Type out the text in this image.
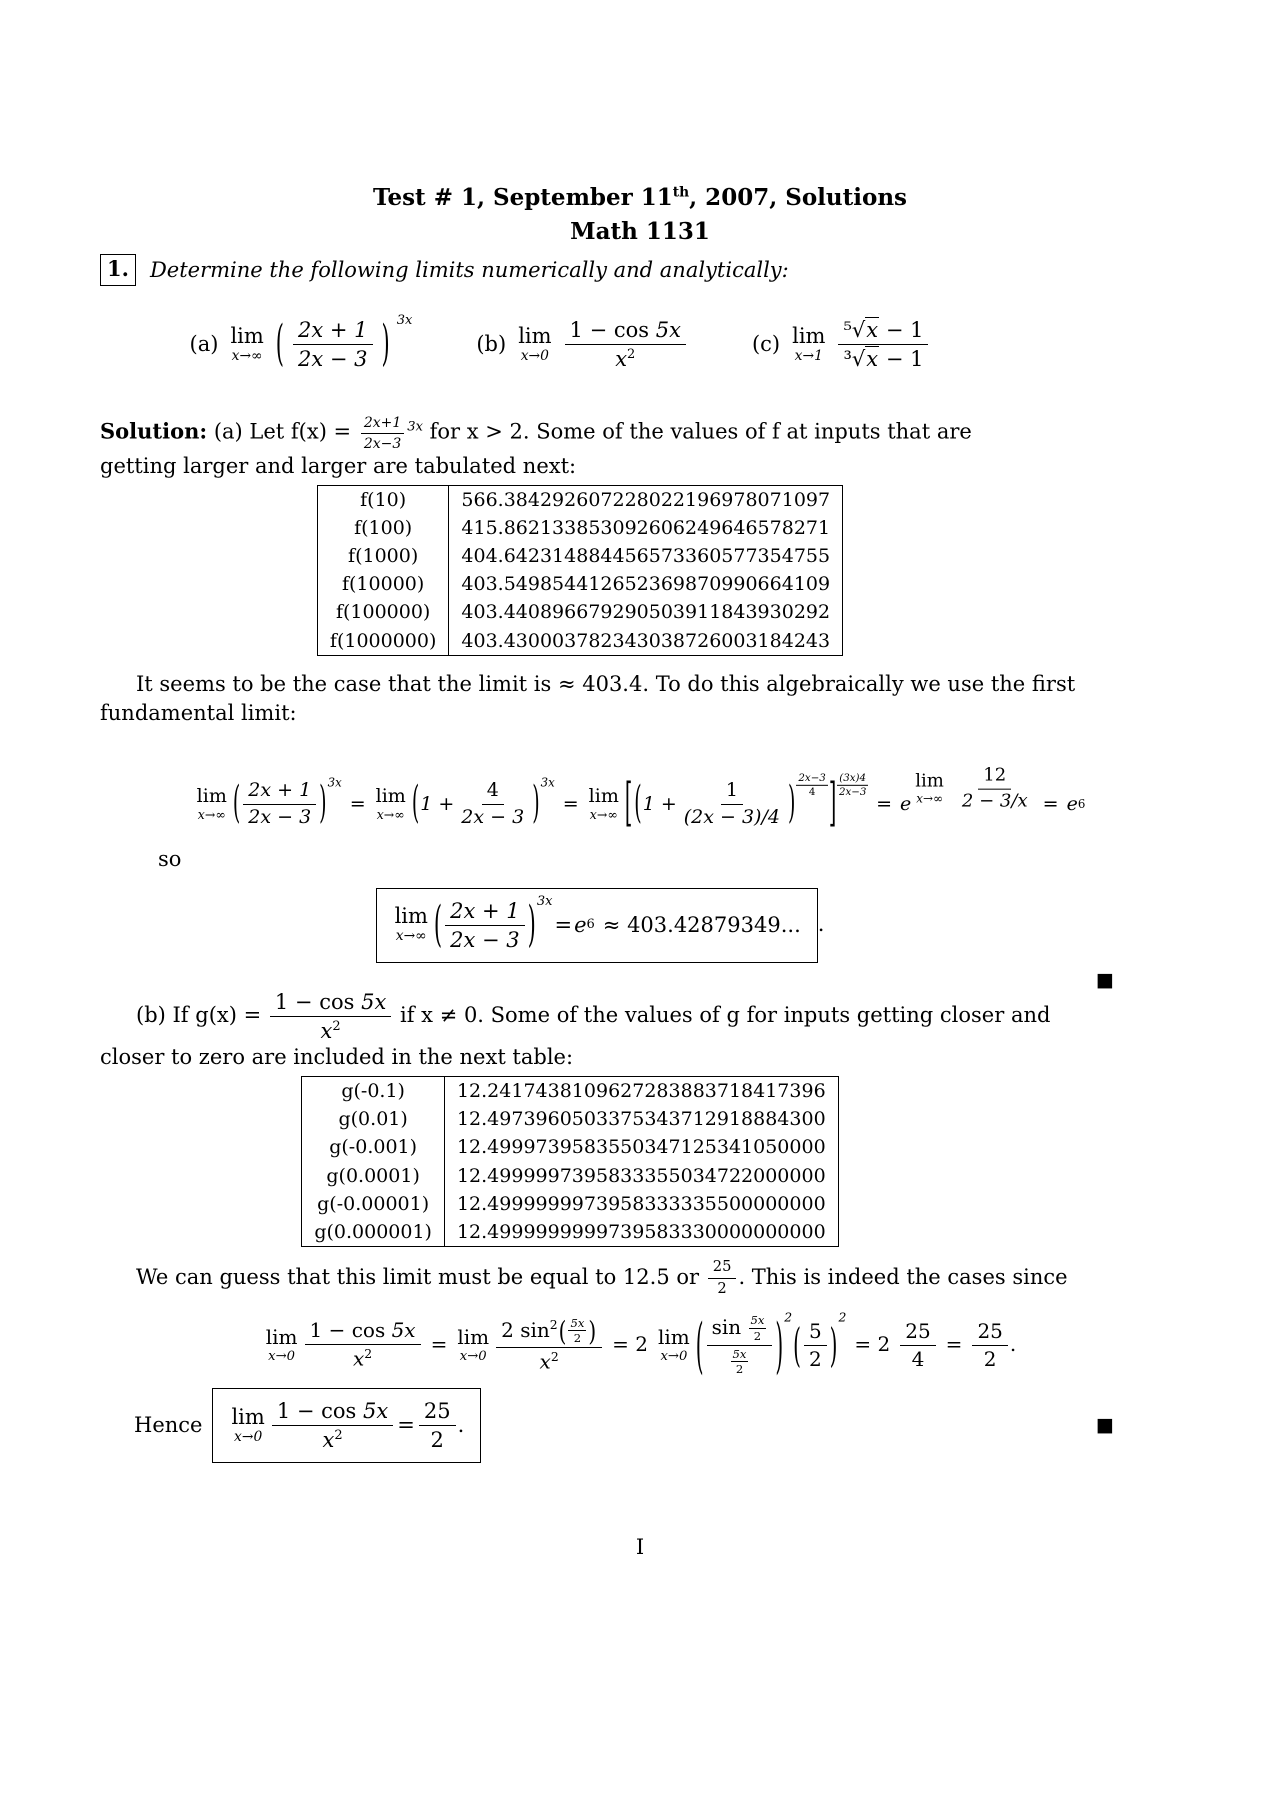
Test # 1, September 11th, 2007, Solutions
Math 1131
1.	Determine the following limits numerically and analytically:
(a) lim
x→∞ ( $\frac{2x + 1}{2x - 3}$ ) 3x
(b) lim
$x\to 0 \frac{1 - \cos 5x}{x^2}$	(c) lim
$x\to 1 \frac{\text{⁵√x − 1}}{\text{³√x − 1}}$
Solution: (a) Let $f(x) = \frac{2x+1}{2x-3} ^{3x}$ for x > 2. Some of the values of f at inputs that are
getting larger and larger are tabulated next:
f(10)	566.384292607228022196978071097
f(100)	415.862133853092606249646578271
f(1000)	404.642314884456573360577354755
f(10000)	403.549854412652369870990664109
f(100000)	403.440896679290503911843930292
f(1000000)	403.430003782343038726003184243
It seems to be the case that the limit is ≈ 403.4. To do this algebraically we use the first
fundamental limit:
lim
x→∞ ( $\frac{2x + 1}{2x - 3}$ ) 3x
= lim
x→∞ ( $1 + \frac{4}{2x - 3}$ ) 3x
= lim
x→∞ [ ( $1 + \frac{1}{(2x - 3)/4}$ )
2x−3
4 ] (3x)4
2x−3
= e
lim
$x\to\infty \frac{12}{2 - 3/x} = e$ 6
so
lim
x→∞ ( $\frac{2x + 1}{2x - 3}$ ) 3x
= e 6 ≈ 403.42879349... .
■
(b) If $g(x) = \frac{1 - \cos 5x}{x^2}$ if x ≠ 0. Some of the values of g for inputs getting closer and
closer to zero are included in the next table:
g(-0.1)	12.2417438109627283883718417396
g(0.01)	12.4973960503375343712918884300
g(-0.001)	12.4999739583550347125341050000
g(0.0001)	12.4999997395833355034722000000
g(-0.00001)	12.4999999973958333335500000000
g(0.000001)	12.4999999999739583330000000000
We can guess that this limit must be equal to 12.5 or $\frac{25}{2}$ . This is indeed the cases since
lim
$x\to 0 \frac{1 - \cos 5x}{x^2} = \lim$
$x\to 0 \frac{2 \sin^2( \frac{5x}{2} )}{x^2} = 2$ lim
x→0 ( $\frac{\sin \frac{5x}{2}}{\frac{5x}{2}}$ ) 2
( $\frac{5}{2}$ )
2
= $2 \frac{25}{4} = \frac{25}{2}$ .
Hence lim
$x\to 0 \frac{1 - \cos 5x}{x^2} = \frac{25}{2}$ .	■
I
